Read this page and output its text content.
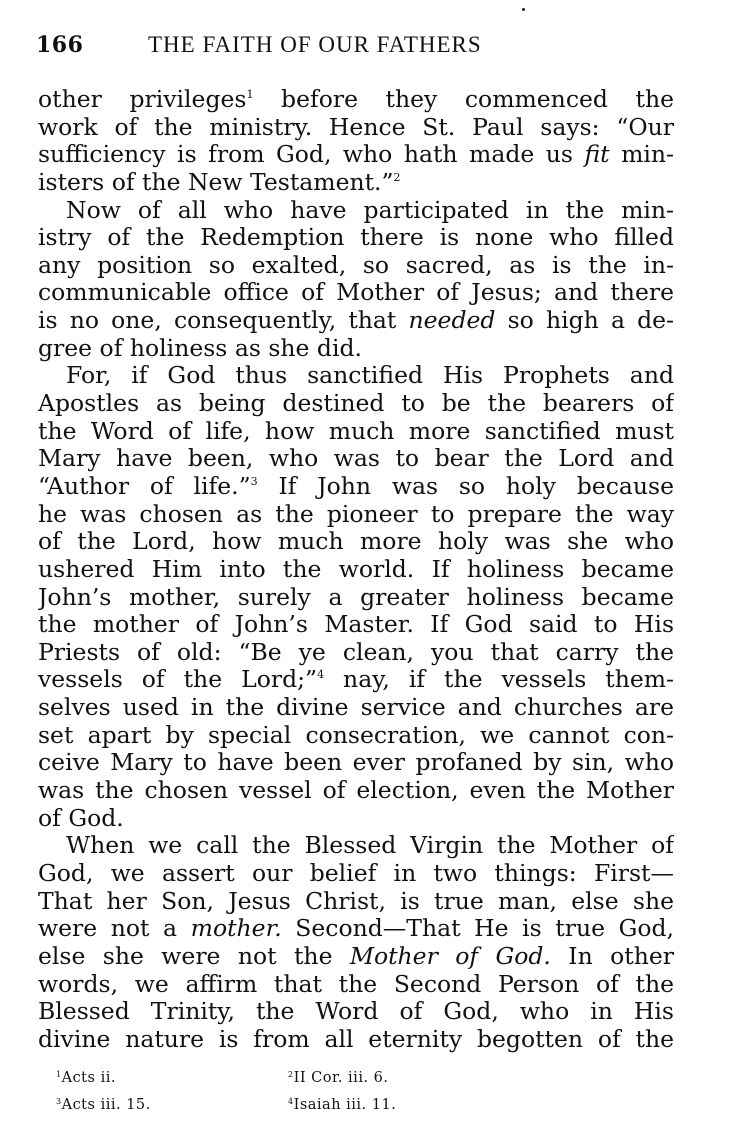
166	THE FAITH OF OUR FATHERS
other privileges$^1$ before they commenced the
work of the ministry. Hence St. Paul says: “Our
sufficiency is from God, who hath made us fit min-
isters of the New Testament.”$^2$
Now of all who have participated in the min-
istry of the Redemption there is none who filled
any position so exalted, so sacred, as is the in-
communicable office of Mother of Jesus; and there
is no one, consequently, that needed so high a de-
gree of holiness as she did.
For, if God thus sanctified His Prophets and
Apostles as being destined to be the bearers of
the Word of life, how much more sanctified must
Mary have been, who was to bear the Lord and
“Author of life.”$^3$ If John was so holy because
he was chosen as the pioneer to prepare the way
of the Lord, how much more holy was she who
ushered Him into the world. If holiness became
John’s mother, surely a greater holiness became
the mother of John’s Master. If God said to His
Priests of old: “Be ye clean, you that carry the
vessels of the Lord;”$^4$ nay, if the vessels them-
selves used in the divine service and churches are
set apart by special consecration, we cannot con-
ceive Mary to have been ever profaned by sin, who
was the chosen vessel of election, even the Mother
of God.
When we call the Blessed Virgin the Mother of
God, we assert our belief in two things: First—
That her Son, Jesus Christ, is true man, else she
were not a mother. Second—That He is true God,
else she were not the Mother of God. In other
words, we affirm that the Second Person of the
Blessed Trinity, the Word of God, who in His
divine nature is from all eternity begotten of the
$^1$Acts ii.	$^2$II Cor. iii. 6.
$^3$Acts iii. 15.	$^4$Isaiah iii. 11.
